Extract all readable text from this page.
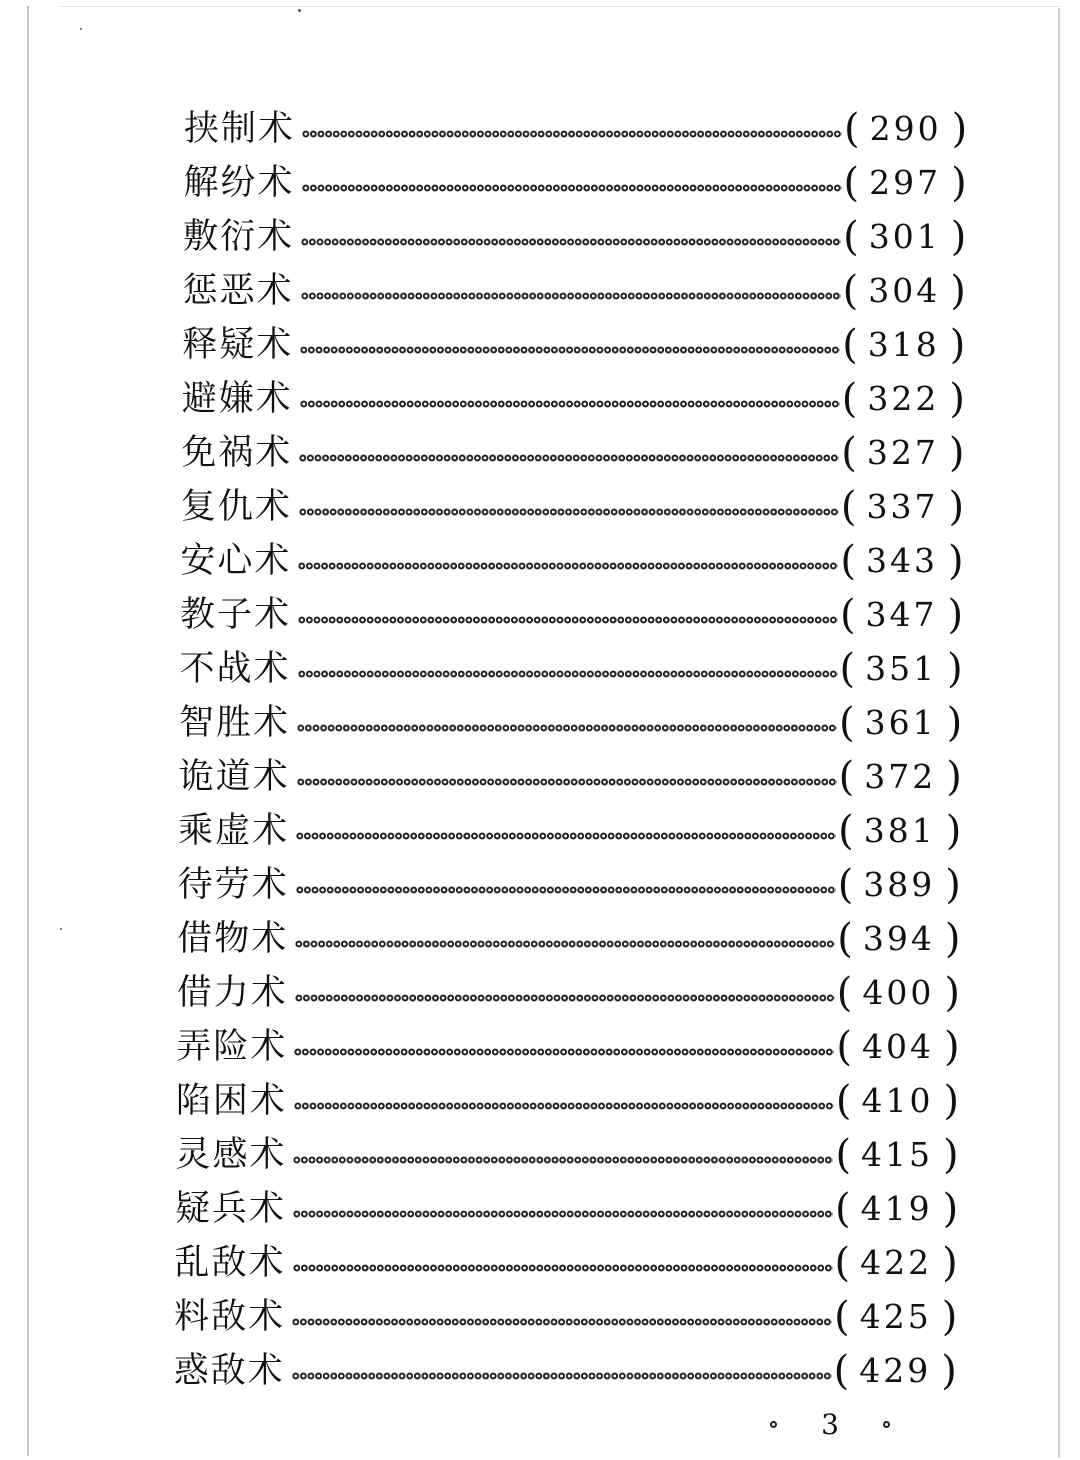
挟制术	( 290 )
解纷术	( 297 )
敷衍术	( 301 )
惩恶术	( 304 )
释疑术	( 318 )
避嫌术	( 322 )
免祸术	( 327 )
复仇术	( 337 )
安心术	( 343 )
教子术	( 347 )
不战术	( 351 )
智胜术	( 361 )
诡道术	( 372 )
乘虚术	( 381 )
待劳术	( 389 )
借物术	( 394 )
借力术	( 400 )
弄险术	( 404 )
陷困术	( 410 )
灵感术	( 415 )
疑兵术	( 419 )
乱敌术	( 422 )
料敌术	( 425 )
惑敌术	( 429 )
3
